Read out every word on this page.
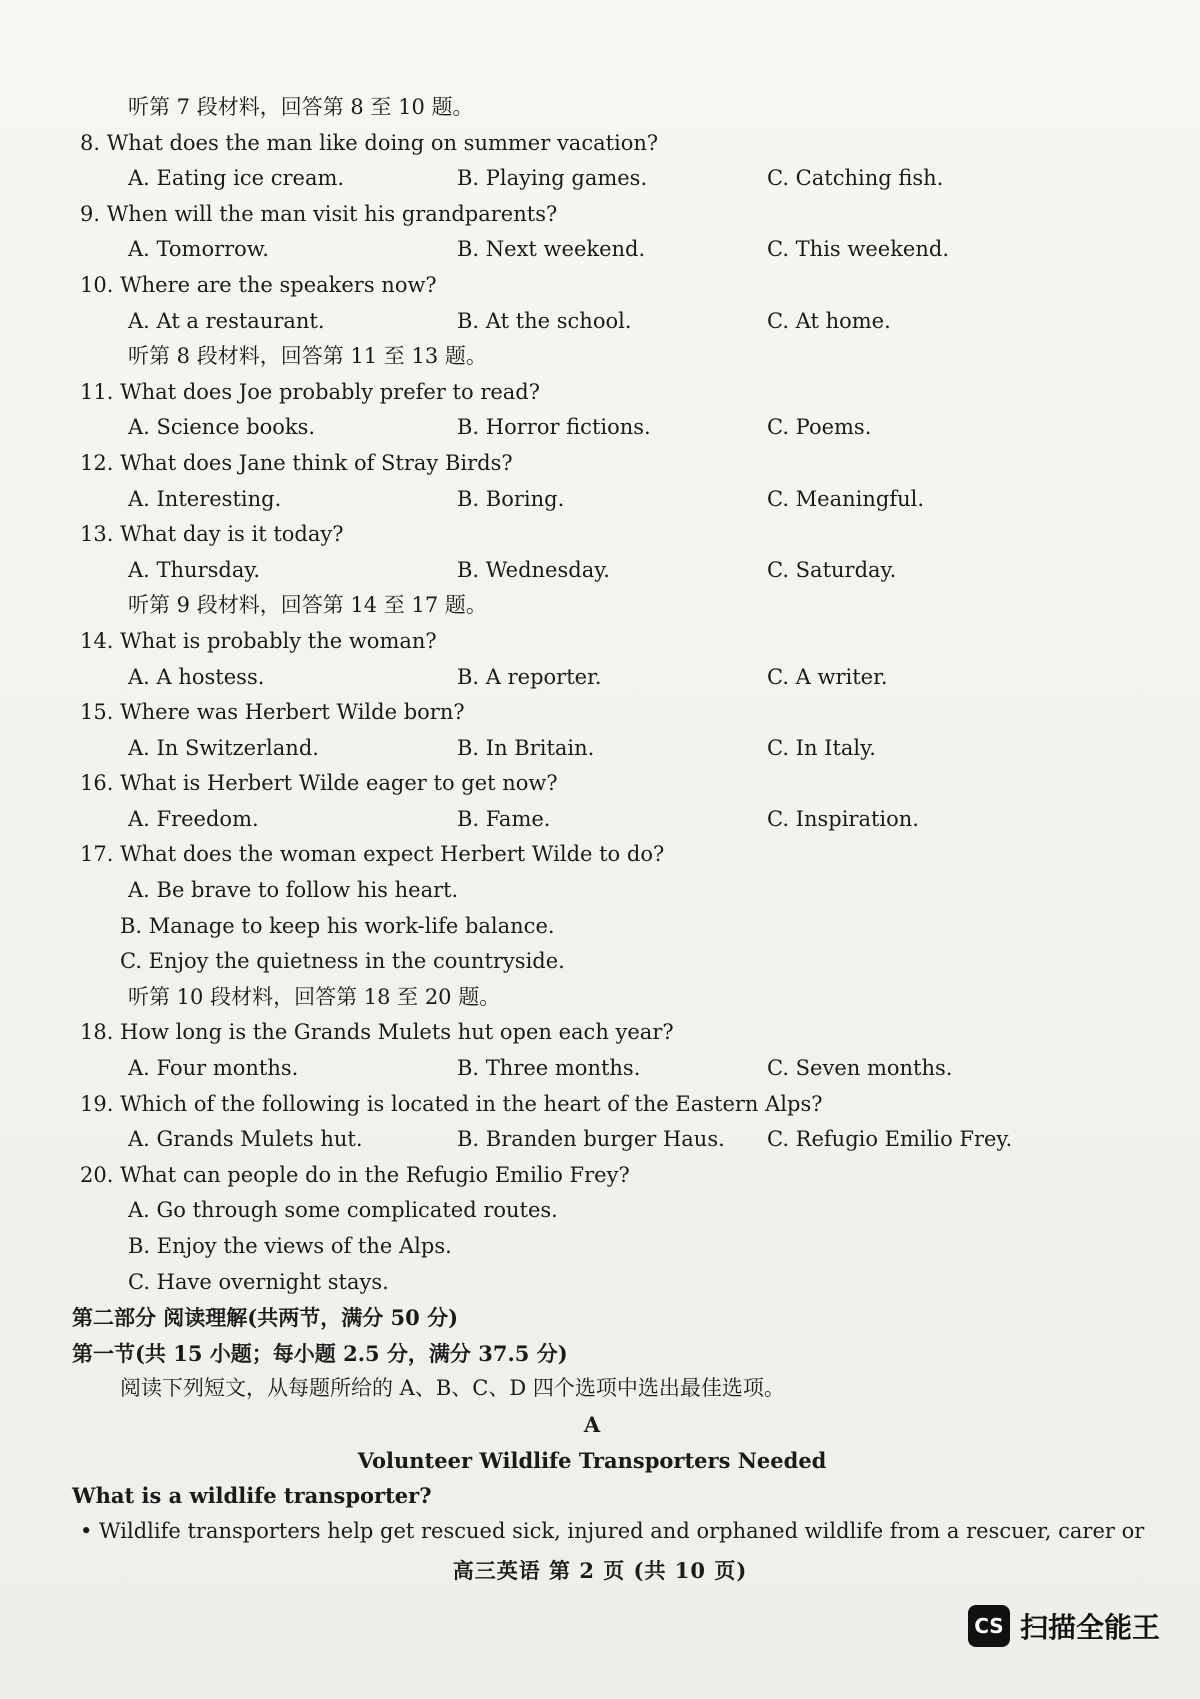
听第 7 段材料，回答第 8 至 10 题。
8. What does the man like doing on summer vacation?
A. Eating ice cream.	B. Playing games.	C. Catching fish.
9. When will the man visit his grandparents?
A. Tomorrow.	B. Next weekend.	C. This weekend.
10. Where are the speakers now?
A. At a restaurant.	B. At the school.	C. At home.
听第 8 段材料，回答第 11 至 13 题。
11. What does Joe probably prefer to read?
A. Science books.	B. Horror fictions.	C. Poems.
12. What does Jane think of Stray Birds?
A. Interesting.	B. Boring.	C. Meaningful.
13. What day is it today?
A. Thursday.	B. Wednesday.	C. Saturday.
听第 9 段材料，回答第 14 至 17 题。
14. What is probably the woman?
A. A hostess.	B. A reporter.	C. A writer.
15. Where was Herbert Wilde born?
A. In Switzerland.	B. In Britain.	C. In Italy.
16. What is Herbert Wilde eager to get now?
A. Freedom.	B. Fame.	C. Inspiration.
17. What does the woman expect Herbert Wilde to do?
A. Be brave to follow his heart.
B. Manage to keep his work-life balance.
C. Enjoy the quietness in the countryside.
听第 10 段材料，回答第 18 至 20 题。
18. How long is the Grands Mulets hut open each year?
A. Four months.	B. Three months.	C. Seven months.
19. Which of the following is located in the heart of the Eastern Alps?
A. Grands Mulets hut.	B. Branden burger Haus. C. Refugio Emilio Frey.
20. What can people do in the Refugio Emilio Frey?
A. Go through some complicated routes.
B. Enjoy the views of the Alps.
C. Have overnight stays.
第二部分 阅读理解(共两节，满分 50 分)
第一节(共 15 小题；每小题 2.5 分，满分 37.5 分)
阅读下列短文，从每题所给的 A、B、C、D 四个选项中选出最佳选项。
A
Volunteer Wildlife Transporters Needed
What is a wildlife transporter?
• Wildlife transporters help get rescued sick, injured and orphaned wildlife from a rescuer, carer or
高三英语 第 2 页 (共 10 页)
CS 扫描全能王
